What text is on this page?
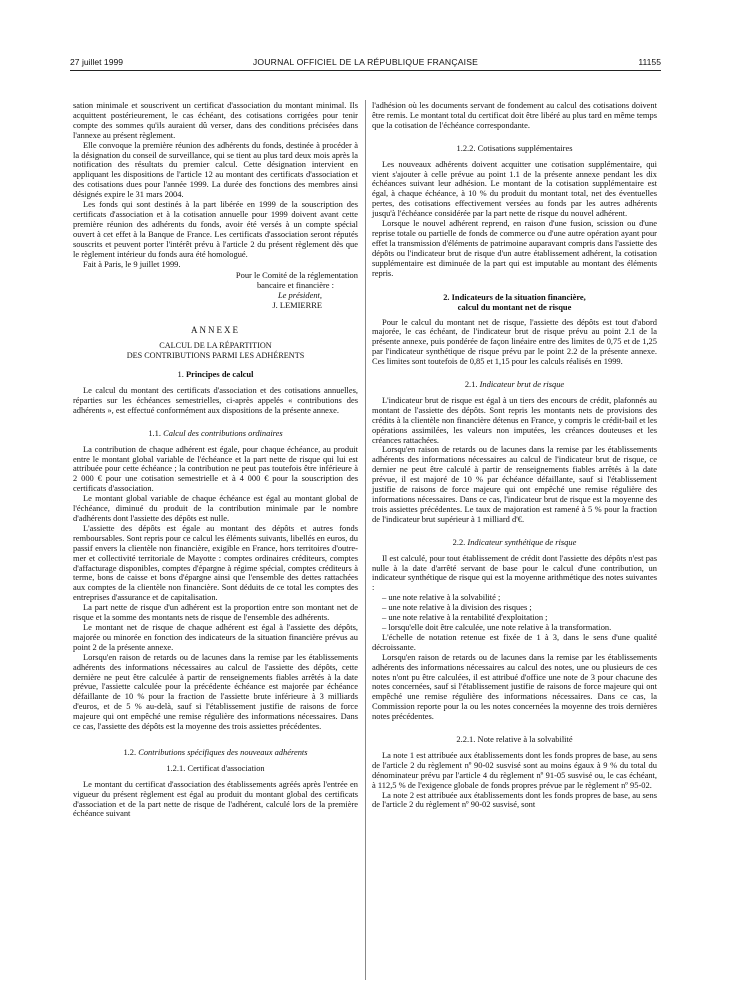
27 juillet 1999	JOURNAL OFFICIEL DE LA RÉPUBLIQUE FRANÇAISE	11155

sation minimale et souscrivent un certificat d'association du montant minimal. Ils acquittent postérieurement, le cas échéant, des cotisations corrigées pour tenir compte des sommes qu'ils auraient dû verser, dans des conditions précisées dans l'annexe au présent règlement.

Elle convoque la première réunion des adhérents du fonds, destinée à procéder à la désignation du conseil de surveillance, qui se tient au plus tard deux mois après la notification des résultats du premier calcul. Cette désignation intervient en appliquant les dispositions de l'article 12 au montant des certificats d'association et des cotisations dues pour l'année 1999. La durée des fonctions des membres ainsi désignés expire le 31 mars 2004.

Les fonds qui sont destinés à la part libérée en 1999 de la souscription des certificats d'association et à la cotisation annuelle pour 1999 doivent avant cette première réunion des adhérents du fonds, avoir été versés à un compte spécial ouvert à cet effet à la Banque de France. Les certificats d'association seront réputés souscrits et peuvent porter l'intérêt prévu à l'article 2 du présent règlement dès que le règlement intérieur du fonds aura été homologué.

Fait à Paris, le 9 juillet 1999.

Pour le Comité de la réglementation
bancaire et financière :
Le président,
J. LEMIERRE
ANNEXE
CALCUL DE LA RÉPARTITION
DES CONTRIBUTIONS PARMI LES ADHÉRENTS
1. Principes de calcul

Le calcul du montant des certificats d'association et des cotisations annuelles, réparties sur les échéances semestrielles, ci-après appelés « contributions des adhérents », est effectué conformément aux dispositions de la présente annexe.

1.1. Calcul des contributions ordinaires

La contribution de chaque adhérent est égale, pour chaque échéance, au produit entre le montant global variable de l'échéance et la part nette de risque qui lui est attribuée pour cette échéance ; la contribution ne peut pas toutefois être inférieure à 2 000 € pour une cotisation semestrielle et à 4 000 € pour la souscription des certificats d'association.

Le montant global variable de chaque échéance est égal au montant global de l'échéance, diminué du produit de la contribution minimale par le nombre d'adhérents dont l'assiette des dépôts est nulle.

L'assiette des dépôts est égale au montant des dépôts et autres fonds remboursables. Sont repris pour ce calcul les éléments suivants, libellés en euros, du passif envers la clientèle non financière, exigible en France, hors territoires d'outre-mer et collectivité territoriale de Mayotte : comptes ordinaires créditeurs, comptes d'affacturage disponibles, comptes d'épargne à régime spécial, comptes créditeurs à terme, bons de caisse et bons d'épargne ainsi que l'ensemble des dettes rattachées aux comptes de la clientèle non financière. Sont déduits de ce total les comptes des entreprises d'assurance et de capitalisation.

La part nette de risque d'un adhérent est la proportion entre son montant net de risque et la somme des montants nets de risque de l'ensemble des adhérents.

Le montant net de risque de chaque adhérent est égal à l'assiette des dépôts, majorée ou minorée en fonction des indicateurs de la situation financière prévus au point 2 de la présente annexe.

Lorsqu'en raison de retards ou de lacunes dans la remise par les établissements adhérents des informations nécessaires au calcul de l'assiette des dépôts, cette dernière ne peut être calculée à partir de renseignements fiables arrêtés à la date prévue, l'assiette calculée pour la précédente échéance est majorée par échéance défaillante de 10 % pour la fraction de l'assiette brute inférieure à 3 milliards d'euros, et de 5 % au-delà, sauf si l'établissement justifie de raisons de force majeure qui ont empêché une remise régulière des informations nécessaires. Dans ce cas, l'assiette des dépôts est la moyenne des trois assiettes précédentes.

1.2. Contributions spécifiques des nouveaux adhérents
1.2.1. Certificat d'association

Le montant du certificat d'association des établissements agréés après l'entrée en vigueur du présent règlement est égal au produit du montant global des certificats d'association et de la part nette de risque de l'adhérent, calculé lors de la première échéance suivant

l'adhésion où les documents servant de fondement au calcul des cotisations doivent être remis. Le montant total du certificat doit être libéré au plus tard en même temps que la cotisation de l'échéance correspondante.

1.2.2. Cotisations supplémentaires

Les nouveaux adhérents doivent acquitter une cotisation supplémentaire, qui vient s'ajouter à celle prévue au point 1.1 de la présente annexe pendant les dix échéances suivant leur adhésion. Le montant de la cotisation supplémentaire est égal, à chaque échéance, à 10 % du produit du montant total, net des éventuelles pertes, des cotisations effectivement versées au fonds par les autres adhérents jusqu'à l'échéance considérée par la part nette de risque du nouvel adhérent.

Lorsque le nouvel adhérent reprend, en raison d'une fusion, scission ou d'une reprise totale ou partielle de fonds de commerce ou d'une autre opération ayant pour effet la transmission d'éléments de patrimoine auparavant compris dans l'assiette des dépôts ou l'indicateur brut de risque d'un autre établissement adhérent, la cotisation supplémentaire est diminuée de la part qui est imputable au montant des éléments repris.

2. Indicateurs de la situation financière,
calcul du montant net de risque

Pour le calcul du montant net de risque, l'assiette des dépôts est tout d'abord majorée, le cas échéant, de l'indicateur brut de risque prévu au point 2.1 de la présente annexe, puis pondérée de façon linéaire entre des limites de 0,75 et de 1,25 par l'indicateur synthétique de risque prévu par le point 2.2 de la présente annexe. Ces limites sont toutefois de 0,85 et 1,15 pour les calculs réalisés en 1999.

2.1. Indicateur brut de risque

L'indicateur brut de risque est égal à un tiers des encours de crédit, plafonnés au montant de l'assiette des dépôts. Sont repris les montants nets de provisions des crédits à la clientèle non financière détenus en France, y compris le crédit-bail et les opérations assimilées, les valeurs non imputées, les créances douteuses et les créances rattachées.

Lorsqu'en raison de retards ou de lacunes dans la remise par les établissements adhérents des informations nécessaires au calcul de l'indicateur brut de risque, ce dernier ne peut être calculé à partir de renseignements fiables arrêtés à la date prévue, il est majoré de 10 % par échéance défaillante, sauf si l'établissement justifie de raisons de force majeure qui ont empêché une remise régulière des informations nécessaires. Dans ce cas, l'indicateur brut de risque est la moyenne des trois assiettes précédentes. Le taux de majoration est ramené à 5 % pour la fraction de l'indicateur brut supérieur à 1 milliard d'€.

2.2. Indicateur synthétique de risque

Il est calculé, pour tout établissement de crédit dont l'assiette des dépôts n'est pas nulle à la date d'arrêté servant de base pour le calcul d'une contribution, un indicateur synthétique de risque qui est la moyenne arithmétique des notes suivantes :

– une note relative à la solvabilité ;
– une note relative à la division des risques ;
– une note relative à la rentabilité d'exploitation ;
– lorsqu'elle doit être calculée, une note relative à la transformation.

L'échelle de notation retenue est fixée de 1 à 3, dans le sens d'une qualité décroissante.

Lorsqu'en raison de retards ou de lacunes dans la remise par les établissements adhérents des informations nécessaires au calcul des notes, une ou plusieurs de ces notes n'ont pu être calculées, il est attribué d'office une note de 3 pour chacune des notes concernées, sauf si l'établissement justifie de raisons de force majeure qui ont empêché une remise régulière des informations nécessaires. Dans ce cas, la Commission reporte pour la ou les notes concernées la moyenne des trois dernières notes précédentes.

2.2.1. Note relative à la solvabilité

La note 1 est attribuée aux établissements dont les fonds propres de base, au sens de l'article 2 du règlement nº 90-02 susvisé sont au moins égaux à 9 % du total du dénominateur prévu par l'article 4 du règlement nº 91-05 susvisé ou, le cas échéant, à 112,5 % de l'exigence globale de fonds propres prévue par le règlement nº 95-02.

La note 2 est attribuée aux établissements dont les fonds propres de base, au sens de l'article 2 du règlement nº 90-02 susvisé, sont
